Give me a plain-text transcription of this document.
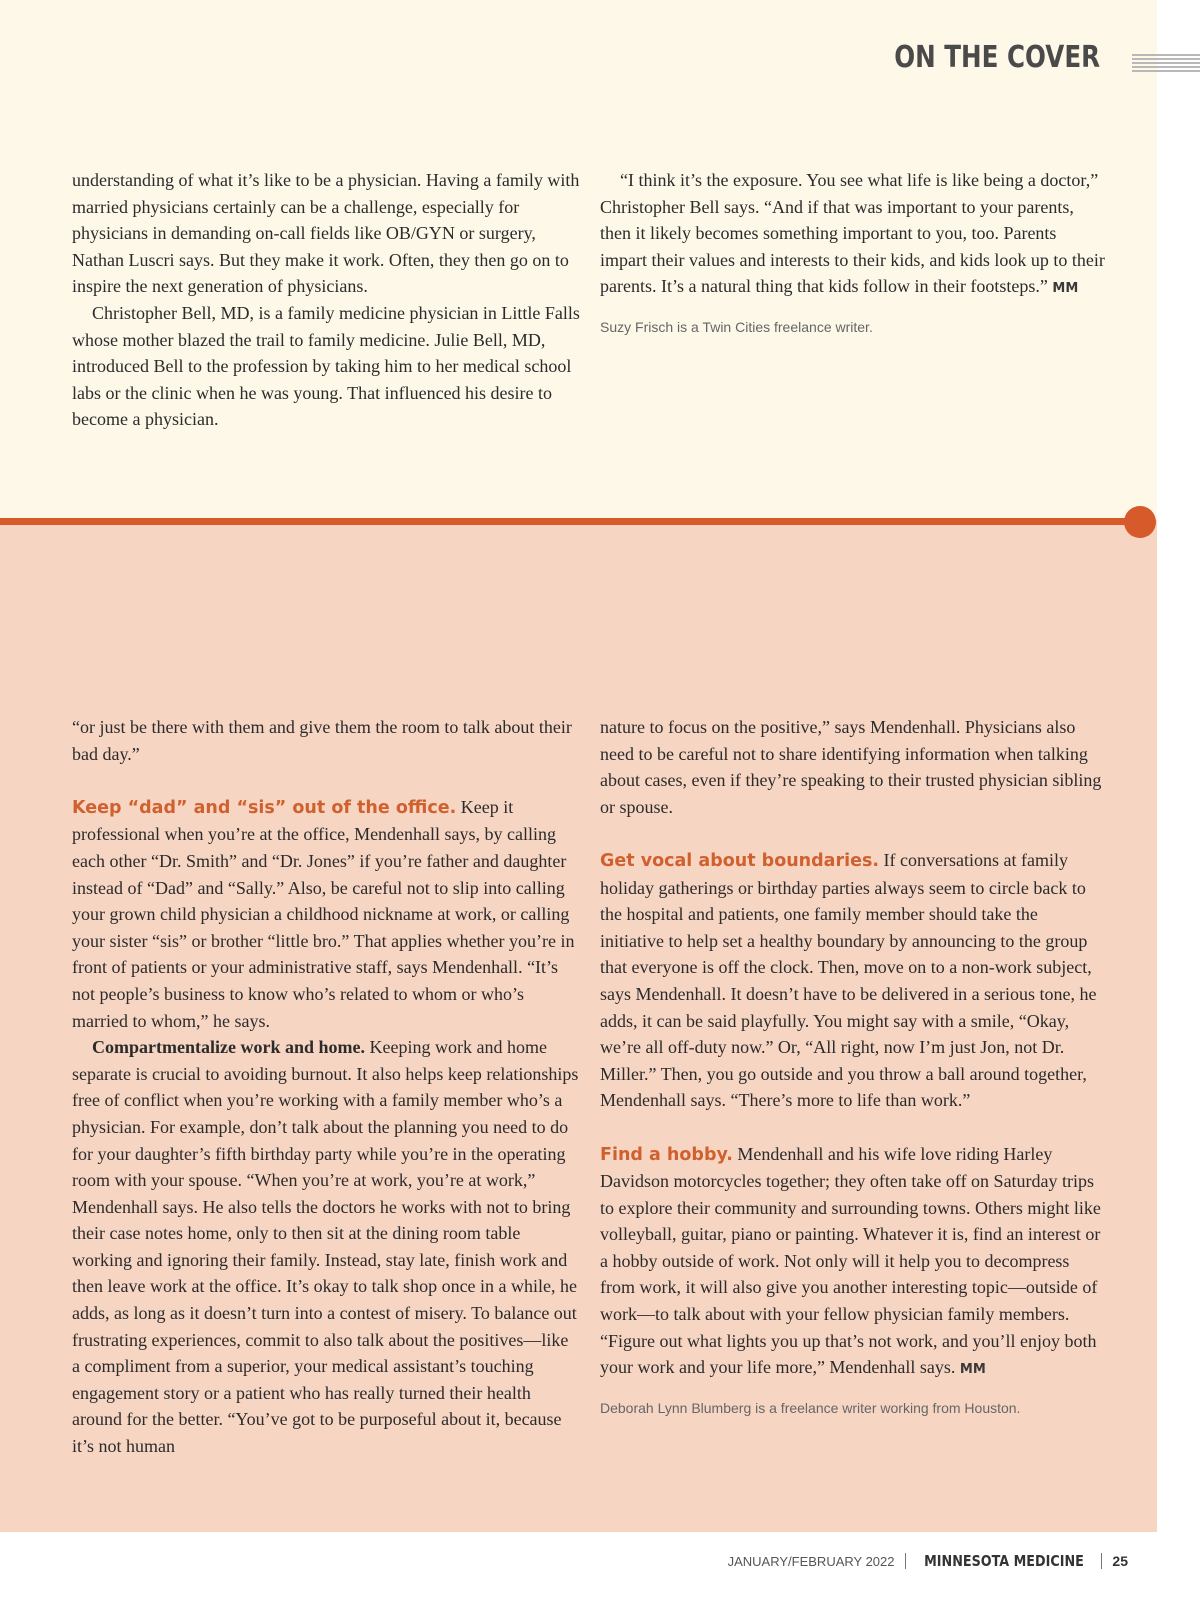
ON THE COVER

understanding of what it’s like to be a physician. Having a family with married physicians certainly can be a challenge, especially for physicians in demanding on-call fields like OB/GYN or surgery, Nathan Luscri says. But they make it work. Often, they then go on to inspire the next generation of physicians.

Christopher Bell, MD, is a family medicine physician in Little Falls whose mother blazed the trail to family medicine. Julie Bell, MD, introduced Bell to the profession by taking him to her medical school labs or the clinic when he was young. That influenced his desire to become a physician.

“I think it’s the exposure. You see what life is like being a doctor,” Christopher Bell says. “And if that was important to your parents, then it likely becomes something important to you, too. Parents impart their values and interests to their kids, and kids look up to their parents. It’s a natural thing that kids follow in their footsteps.” MM

Suzy Frisch is a Twin Cities freelance writer.

“or just be there with them and give them the room to talk about their bad day.”

Keep “dad” and “sis” out of the office. Keep it professional when you’re at the office, Mendenhall says, by calling each other “Dr. Smith” and “Dr. Jones” if you’re father and daughter instead of “Dad” and “Sally.” Also, be careful not to slip into calling your grown child physician a childhood nickname at work, or calling your sister “sis” or brother “little bro.” That applies whether you’re in front of patients or your administrative staff, says Mendenhall. “It’s not people’s business to know who’s related to whom or who’s married to whom,” he says.

Compartmentalize work and home. Keeping work and home separate is crucial to avoiding burnout. It also helps keep relationships free of conflict when you’re working with a family member who’s a physician. For example, don’t talk about the planning you need to do for your daughter’s fifth birthday party while you’re in the operating room with your spouse. “When you’re at work, you’re at work,” Mendenhall says. He also tells the doctors he works with not to bring their case notes home, only to then sit at the dining room table working and ignoring their family. Instead, stay late, finish work and then leave work at the office. It’s okay to talk shop once in a while, he adds, as long as it doesn’t turn into a contest of misery. To balance out frustrating experiences, commit to also talk about the positives—like a compliment from a superior, your medical assistant’s touching engagement story or a patient who has really turned their health around for the better. “You’ve got to be purposeful about it, because it’s not human

nature to focus on the positive,” says Mendenhall. Physicians also need to be careful not to share identifying information when talking about cases, even if they’re speaking to their trusted physician sibling or spouse.

Get vocal about boundaries. If conversations at family holiday gatherings or birthday parties always seem to circle back to the hospital and patients, one family member should take the initiative to help set a healthy boundary by announcing to the group that everyone is off the clock. Then, move on to a non-work subject, says Mendenhall. It doesn’t have to be delivered in a serious tone, he adds, it can be said playfully. You might say with a smile, “Okay, we’re all off-duty now.” Or, “All right, now I’m just Jon, not Dr. Miller.” Then, you go outside and you throw a ball around together, Mendenhall says. “There’s more to life than work.”

Find a hobby. Mendenhall and his wife love riding Harley Davidson motorcycles together; they often take off on Saturday trips to explore their community and surrounding towns. Others might like volleyball, guitar, piano or painting. Whatever it is, find an interest or a hobby outside of work. Not only will it help you to decompress from work, it will also give you another interesting topic—outside of work—to talk about with your fellow physician family members. “Figure out what lights you up that’s not work, and you’ll enjoy both your work and your life more,” Mendenhall says. MM

Deborah Lynn Blumberg is a freelance writer working from Houston.

JANUARY/FEBRUARY 2022 MINNESOTA MEDICINE 25
